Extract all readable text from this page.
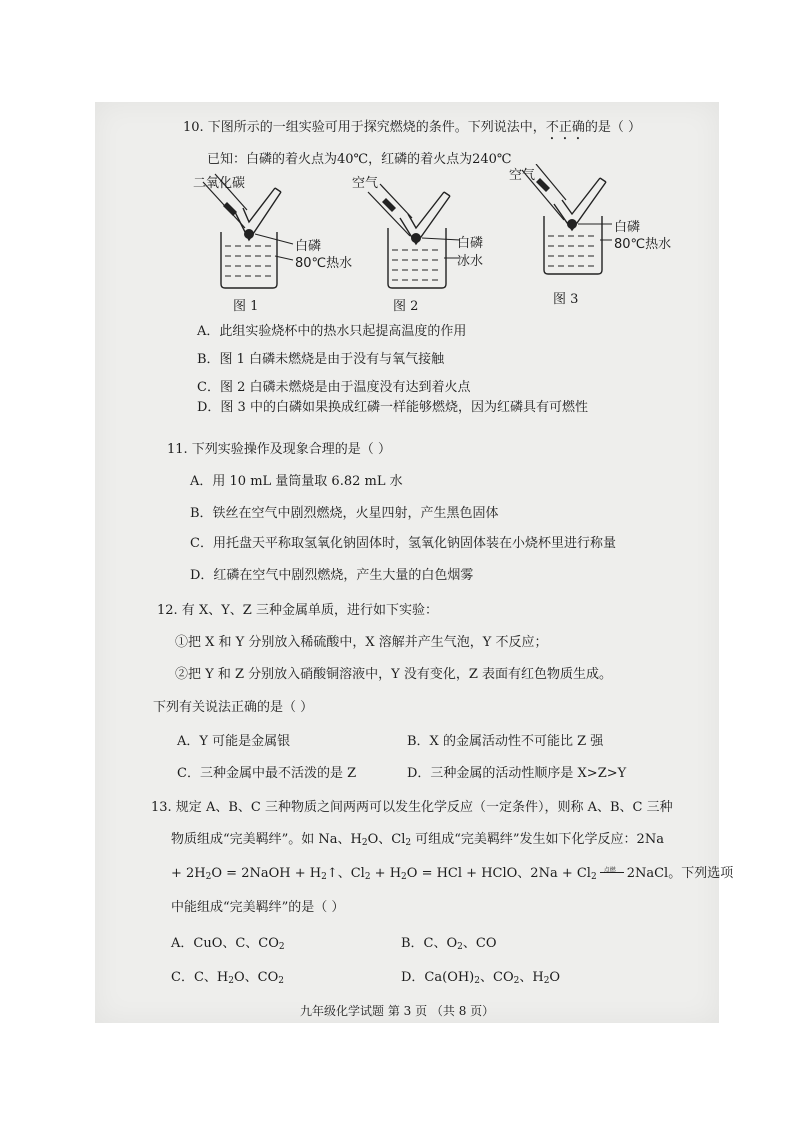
10. 下图所示的一组实验可用于探究燃烧的条件。下列说法中，不正确的是（ ）
已知：白磷的着火点为40℃，红磷的着火点为240℃
二氧化碳
白磷
80℃热水
图 1
空气
白磷
冰水
图 2
空气
白磷
80℃热水
图 3
A．此组实验烧杯中的热水只起提高温度的作用
B．图 1 白磷未燃烧是由于没有与氧气接触
C．图 2 白磷未燃烧是由于温度没有达到着火点
D．图 3 中的白磷如果换成红磷一样能够燃烧，因为红磷具有可燃性
11. 下列实验操作及现象合理的是（ ）
A．用 10 mL 量筒量取 6.82 mL 水
B．铁丝在空气中剧烈燃烧，火星四射，产生黑色固体
C．用托盘天平称取氢氧化钠固体时，氢氧化钠固体装在小烧杯里进行称量
D．红磷在空气中剧烈燃烧，产生大量的白色烟雾
12. 有 X、Y、Z 三种金属单质，进行如下实验：
①把 X 和 Y 分别放入稀硫酸中，X 溶解并产生气泡，Y 不反应；
②把 Y 和 Z 分别放入硝酸铜溶液中，Y 没有变化，Z 表面有红色物质生成。
下列有关说法正确的是（ ）
A．Y 可能是金属银	B．X 的金属活动性不可能比 Z 强
C．三种金属中最不活泼的是 Z	D．三种金属的活动性顺序是 X>Z>Y
13. 规定 A、B、C 三种物质之间两两可以发生化学反应（一定条件），则称 A、B、C 三种
物质组成“完美羁绊”。如 Na、$H_2O$、$Cl_2$ 可组成“完美羁绊”发生如下化学反应：2Na
+ $2H_2O$ = 2NaOH + $H_2↑$、$Cl_2 + H_2O$ = HCl + HClO、$2Na + Cl_2$
点燃 2NaCl。下列选项
中能组成“完美羁绊”的是（ ）
A．CuO、C、$CO_2$	B．C、$O_2$、CO
C．C、$H_2O$、$CO_2$	D．$Ca(OH)_2$、$CO_2$、$H_2O$
九年级化学试题 第 3 页 （共 8 页）
